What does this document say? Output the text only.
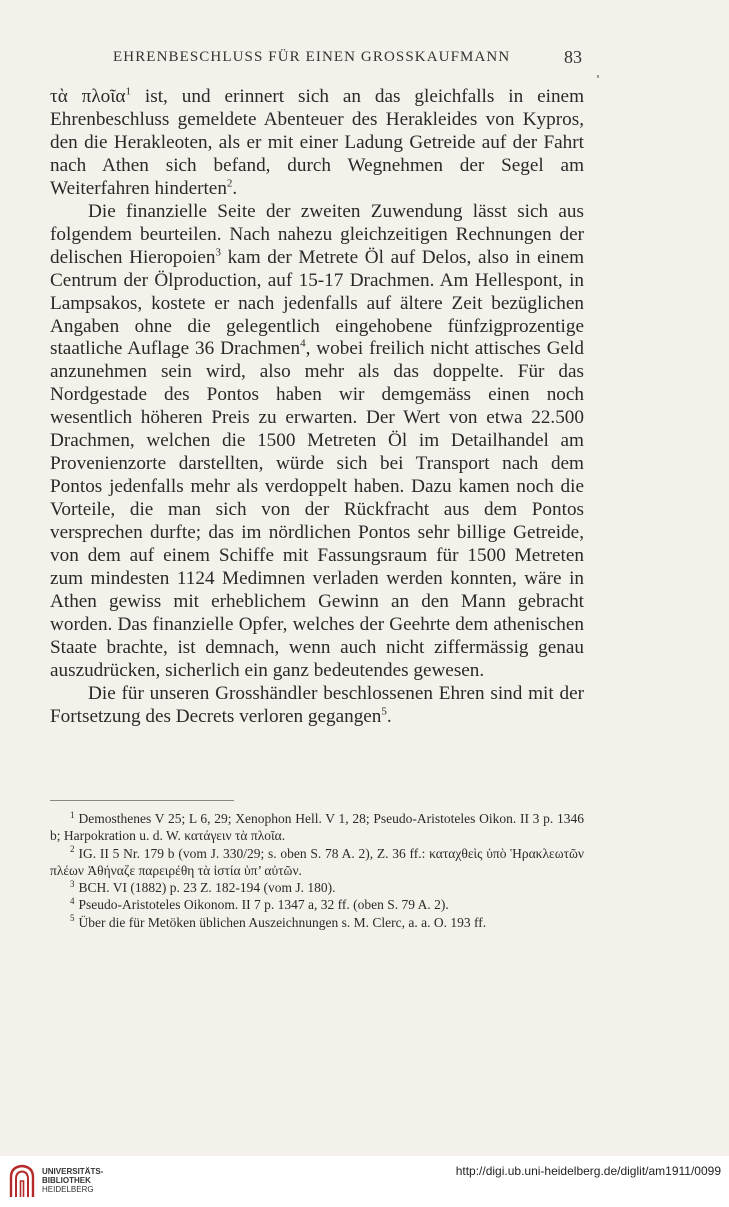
EHRENBESCHLUSS FÜR EINEN GROSSKAUFMANN	83

τὰ πλοῖα$^1$ ist, und erinnert sich an das gleichfalls in einem Ehrenbeschluss gemeldete Abenteuer des Herakleides von Kypros, den die Herakleoten, als er mit einer Ladung Getreide auf der Fahrt nach Athen sich befand, durch Wegnehmen der Segel am Weiterfahren hinderten$^2$.

Die finanzielle Seite der zweiten Zuwendung lässt sich aus folgendem beurteilen. Nach nahezu gleichzeitigen Rechnungen der delischen Hieropoien$^3$ kam der Metrete Öl auf Delos, also in einem Centrum der Ölproduction, auf 15-17 Drachmen. Am Hellespont, in Lampsakos, kostete er nach jedenfalls auf ältere Zeit bezüglichen Angaben ohne die gelegentlich eingehobene fünfzigprozentige staatliche Auflage 36 Drachmen$^4$, wobei freilich nicht attisches Geld anzunehmen sein wird, also mehr als das doppelte. Für das Nordgestade des Pontos haben wir demgemäss einen noch wesentlich höheren Preis zu erwarten. Der Wert von etwa 22.500 Drachmen, welchen die 1500 Metreten Öl im Detailhandel am Provenienzorte darstellten, würde sich bei Transport nach dem Pontos jedenfalls mehr als verdoppelt haben. Dazu kamen noch die Vorteile, die man sich von der Rückfracht aus dem Pontos versprechen durfte; das im nördlichen Pontos sehr billige Getreide, von dem auf einem Schiffe mit Fassungsraum für 1500 Metreten zum mindesten 1124 Medimnen verladen werden konnten, wäre in Athen gewiss mit erheblichem Gewinn an den Mann gebracht worden. Das finanzielle Opfer, welches der Geehrte dem athenischen Staate brachte, ist demnach, wenn auch nicht ziffermässig genau auszudrücken, sicherlich ein ganz bedeutendes gewesen.

Die für unseren Grosshändler beschlossenen Ehren sind mit der Fortsetzung des Decrets verloren gegangen$^5$.

$^1$ Demosthenes V 25; L 6, 29; Xenophon Hell. V 1, 28; Pseudo-Aristoteles Oikon. II 3 p. 1346 b; Harpokration u. d. W. κατάγειν τὰ πλοῖα.

$^2$ IG. II 5 Nr. 179 b (vom J. 330/29; s. oben S. 78 A. 2), Z. 36 ff.: καταχθεὶς ὑπὸ Ἡρακλεωτῶν πλέων Ἀθήναζε παρειρέθη τὰ ἱστία ὑπ’ αὐτῶν.

$^3$ BCH. VI (1882) p. 23 Z. 182-194 (vom J. 180).

$^4$ Pseudo-Aristoteles Oikonom. II 7 p. 1347 a, 32 ff. (oben S. 79 A. 2).

$^5$ Über die für Metöken üblichen Auszeichnungen s. M. Clerc, a. a. O. 193 ff.

UNIVERSITÄTS-
BIBLIOTHEK
HEIDELBERG
http://digi.ub.uni-heidelberg.de/diglit/am1911/0099
